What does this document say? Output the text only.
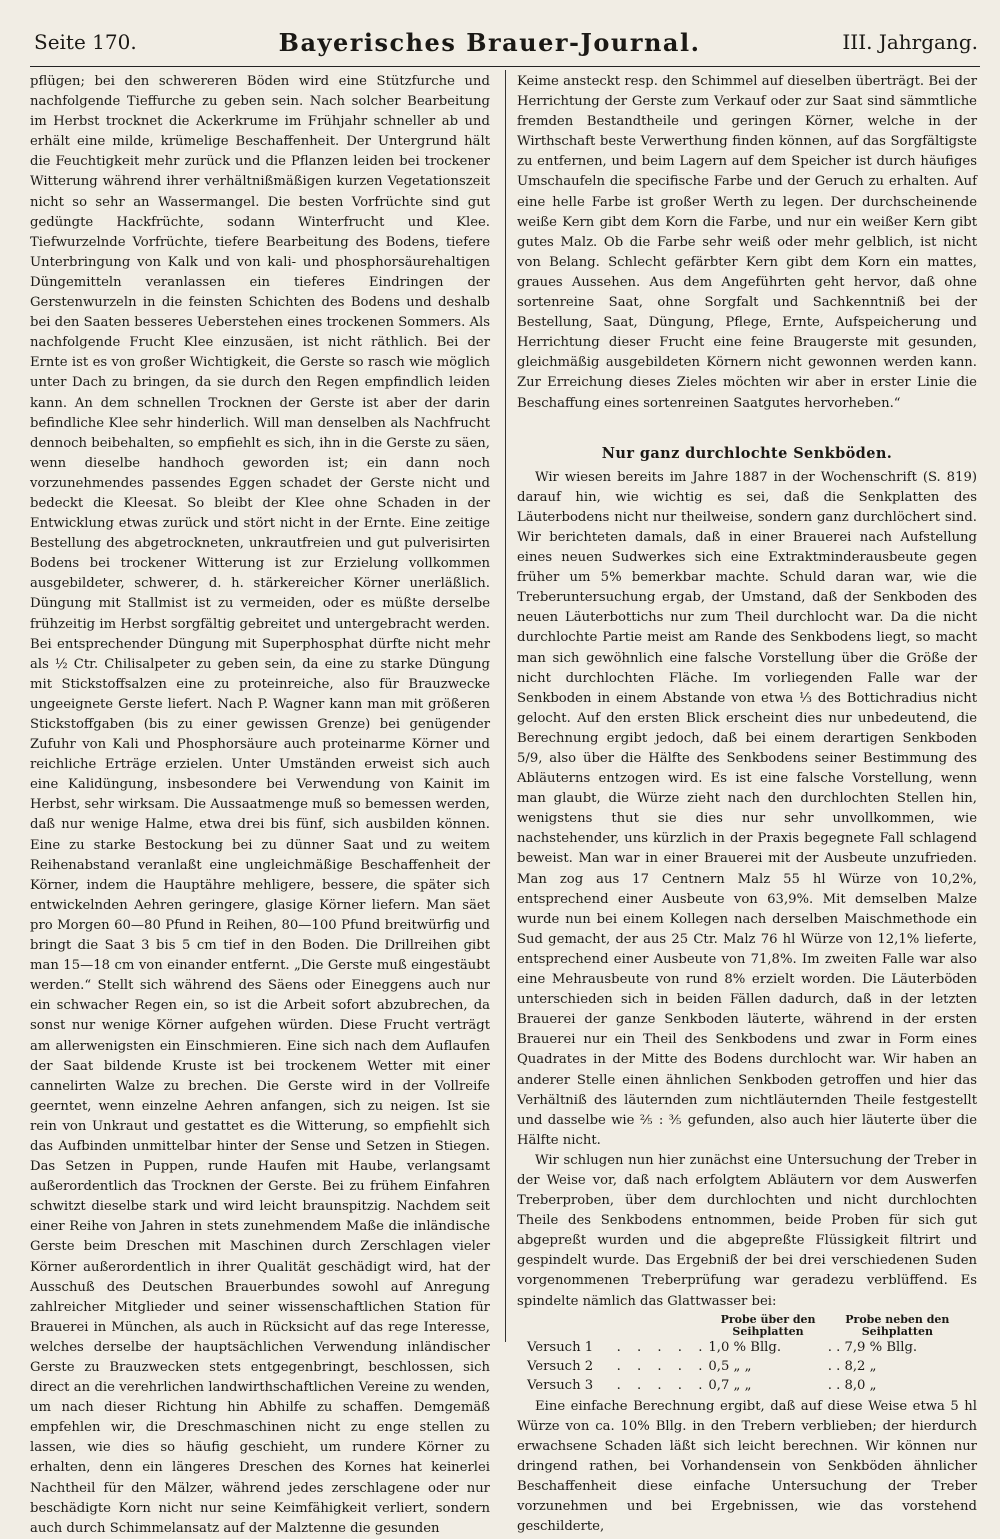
Seite 170.	Bayerisches Brauer-Journal.	III. Jahrgang.

pflügen; bei den schwereren Böden wird eine Stützfurche und nachfolgende Tieffurche zu geben sein. Nach solcher Bearbeitung im Herbst trocknet die Ackerkrume im Frühjahr schneller ab und erhält eine milde, krümelige Beschaffenheit. Der Untergrund hält die Feuchtigkeit mehr zurück und die Pflanzen leiden bei trockener Witterung während ihrer verhältnißmäßigen kurzen Vegetationszeit nicht so sehr an Wassermangel. Die besten Vorfrüchte sind gut gedüngte Hackfrüchte, sodann Winterfrucht und Klee. Tiefwurzelnde Vorfrüchte, tiefere Bearbeitung des Bodens, tiefere Unterbringung von Kalk und von kali- und phosphorsäurehaltigen Düngemitteln veranlassen ein tieferes Eindringen der Gerstenwurzeln in die feinsten Schichten des Bodens und deshalb bei den Saaten besseres Ueberstehen eines trockenen Sommers. Als nachfolgende Frucht Klee einzusäen, ist nicht räthlich. Bei der Ernte ist es von großer Wichtigkeit, die Gerste so rasch wie möglich unter Dach zu bringen, da sie durch den Regen empfindlich leiden kann. An dem schnellen Trocknen der Gerste ist aber der darin befindliche Klee sehr hinderlich. Will man denselben als Nachfrucht dennoch beibehalten, so empfiehlt es sich, ihn in die Gerste zu säen, wenn dieselbe handhoch geworden ist; ein dann noch vorzunehmendes passendes Eggen schadet der Gerste nicht und bedeckt die Kleesat. So bleibt der Klee ohne Schaden in der Entwicklung etwas zurück und stört nicht in der Ernte. Eine zeitige Bestellung des abgetrockneten, unkrautfreien und gut pulverisirten Bodens bei trockener Witterung ist zur Erzielung vollkommen ausgebildeter, schwerer, d. h. stärkereicher Körner unerläßlich. Düngung mit Stallmist ist zu vermeiden, oder es müßte derselbe frühzeitig im Herbst sorgfältig gebreitet und untergebracht werden. Bei entsprechender Düngung mit Superphosphat dürfte nicht mehr als ½ Ctr. Chilisalpeter zu geben sein, da eine zu starke Düngung mit Stickstoffsalzen eine zu proteinreiche, also für Brauzwecke ungeeignete Gerste liefert. Nach P. Wagner kann man mit größeren Stickstoffgaben (bis zu einer gewissen Grenze) bei genügender Zufuhr von Kali und Phosphorsäure auch proteinarme Körner und reichliche Erträge erzielen. Unter Umständen erweist sich auch eine Kalidüngung, insbesondere bei Verwendung von Kainit im Herbst, sehr wirksam. Die Aussaatmenge muß so bemessen werden, daß nur wenige Halme, etwa drei bis fünf, sich ausbilden können. Eine zu starke Bestockung bei zu dünner Saat und zu weitem Reihenabstand veranlaßt eine ungleichmäßige Beschaffenheit der Körner, indem die Hauptähre mehligere, bessere, die später sich entwickelnden Aehren geringere, glasige Körner liefern. Man säet pro Morgen 60—80 Pfund in Reihen, 80—100 Pfund breitwürfig und bringt die Saat 3 bis 5 cm tief in den Boden. Die Drillreihen gibt man 15—18 cm von einander entfernt. „Die Gerste muß eingestäubt werden.“ Stellt sich während des Säens oder Eineggens auch nur ein schwacher Regen ein, so ist die Arbeit sofort abzubrechen, da sonst nur wenige Körner aufgehen würden. Diese Frucht verträgt am allerwenigsten ein Einschmieren. Eine sich nach dem Auflaufen der Saat bildende Kruste ist bei trockenem Wetter mit einer cannelirten Walze zu brechen. Die Gerste wird in der Vollreife geerntet, wenn einzelne Aehren anfangen, sich zu neigen. Ist sie rein von Unkraut und gestattet es die Witterung, so empfiehlt sich das Aufbinden unmittelbar hinter der Sense und Setzen in Stiegen. Das Setzen in Puppen, runde Haufen mit Haube, verlangsamt außerordentlich das Trocknen der Gerste. Bei zu frühem Einfahren schwitzt dieselbe stark und wird leicht braunspitzig. Nachdem seit einer Reihe von Jahren in stets zunehmendem Maße die inländische Gerste beim Dreschen mit Maschinen durch Zerschlagen vieler Körner außerordentlich in ihrer Qualität geschädigt wird, hat der Ausschuß des Deutschen Brauerbundes sowohl auf Anregung zahlreicher Mitglieder und seiner wissenschaftlichen Station für Brauerei in München, als auch in Rücksicht auf das rege Interesse, welches derselbe der hauptsächlichen Verwendung inländischer Gerste zu Brauzwecken stets entgegenbringt, beschlossen, sich direct an die verehrlichen landwirthschaftlichen Vereine zu wenden, um nach dieser Richtung hin Abhilfe zu schaffen. Demgemäß empfehlen wir, die Dreschmaschinen nicht zu enge stellen zu lassen, wie dies so häufig geschieht, um rundere Körner zu erhalten, denn ein längeres Dreschen des Kornes hat keinerlei Nachtheil für den Mälzer, während jedes zerschlagene oder nur beschädigte Korn nicht nur seine Keimfähigkeit verliert, sondern auch durch Schimmelansatz auf der Malztenne die gesunden

Keime ansteckt resp. den Schimmel auf dieselben überträgt. Bei der Herrichtung der Gerste zum Verkauf oder zur Saat sind sämmtliche fremden Bestandtheile und geringen Körner, welche in der Wirthschaft beste Verwerthung finden können, auf das Sorgfältigste zu entfernen, und beim Lagern auf dem Speicher ist durch häufiges Umschaufeln die specifische Farbe und der Geruch zu erhalten. Auf eine helle Farbe ist großer Werth zu legen. Der durchscheinende weiße Kern gibt dem Korn die Farbe, und nur ein weißer Kern gibt gutes Malz. Ob die Farbe sehr weiß oder mehr gelblich, ist nicht von Belang. Schlecht gefärbter Kern gibt dem Korn ein mattes, graues Aussehen. Aus dem Angeführten geht hervor, daß ohne sortenreine Saat, ohne Sorgfalt und Sachkenntniß bei der Bestellung, Saat, Düngung, Pflege, Ernte, Aufspeicherung und Herrichtung dieser Frucht eine feine Braugerste mit gesunden, gleichmäßig ausgebildeten Körnern nicht gewonnen werden kann. Zur Erreichung dieses Zieles möchten wir aber in erster Linie die Beschaffung eines sortenreinen Saatgutes hervorheben.“

Nur ganz durchlochte Senkböden.

Wir wiesen bereits im Jahre 1887 in der Wochenschrift (S. 819) darauf hin, wie wichtig es sei, daß die Senkplatten des Läuterbodens nicht nur theilweise, sondern ganz durchlöchert sind. Wir berichteten damals, daß in einer Brauerei nach Aufstellung eines neuen Sudwerkes sich eine Extraktminderausbeute gegen früher um 5% bemerkbar machte. Schuld daran war, wie die Treberuntersuchung ergab, der Umstand, daß der Senkboden des neuen Läuterbottichs nur zum Theil durchlocht war. Da die nicht durchlochte Partie meist am Rande des Senkbodens liegt, so macht man sich gewöhnlich eine falsche Vorstellung über die Größe der nicht durchlochten Fläche. Im vorliegenden Falle war der Senkboden in einem Abstande von etwa ⅓ des Bottichradius nicht gelocht. Auf den ersten Blick erscheint dies nur unbedeutend, die Berechnung ergibt jedoch, daß bei einem derartigen Senkboden 5/9, also über die Hälfte des Senkbodens seiner Bestimmung des Abläuterns entzogen wird. Es ist eine falsche Vorstellung, wenn man glaubt, die Würze zieht nach den durchlochten Stellen hin, wenigstens thut sie dies nur sehr unvollkommen, wie nachstehender, uns kürzlich in der Praxis begegnete Fall schlagend beweist. Man war in einer Brauerei mit der Ausbeute unzufrieden. Man zog aus 17 Centnern Malz 55 hl Würze von 10,2%, entsprechend einer Ausbeute von 63,9%. Mit demselben Malze wurde nun bei einem Kollegen nach derselben Maischmethode ein Sud gemacht, der aus 25 Ctr. Malz 76 hl Würze von 12,1% lieferte, entsprechend einer Ausbeute von 71,8%. Im zweiten Falle war also eine Mehrausbeute von rund 8% erzielt worden. Die Läuterböden unterschieden sich in beiden Fällen dadurch, daß in der letzten Brauerei der ganze Senkboden läuterte, während in der ersten Brauerei nur ein Theil des Senkbodens und zwar in Form eines Quadrates in der Mitte des Bodens durchlocht war. Wir haben an anderer Stelle einen ähnlichen Senkboden getroffen und hier das Verhältniß des läuternden zum nichtläuternden Theile festgestellt und dasselbe wie ⅖ : ⅗ gefunden, also auch hier läuterte über die Hälfte nicht.

Wir schlugen nun hier zunächst eine Untersuchung der Treber in der Weise vor, daß nach erfolgtem Abläutern vor dem Auswerfen Treberproben, über dem durchlochten und nicht durchlochten Theile des Senkbodens entnommen, beide Proben für sich gut abgepreßt wurden und die abgepreßte Flüssigkeit filtrirt und gespindelt wurde. Das Ergebniß der bei drei verschiedenen Suden vorgenommenen Treberprüfung war geradezu verblüffend. Es spindelte nämlich das Glattwasser bei:

		Probe über den Seihplatten	Probe neben den Seihplatten
Versuch 1	. . . . .	1,0 % Bllg.	. . 7,9 % Bllg.
Versuch 2	. . . . .	0,5 „ „	. . 8,2 „
Versuch 3	. . . . .	0,7 „ „	. . 8,0 „

Eine einfache Berechnung ergibt, daß auf diese Weise etwa 5 hl Würze von ca. 10% Bllg. in den Trebern verblieben; der hierdurch erwachsene Schaden läßt sich leicht berechnen. Wir können nur dringend rathen, bei Vorhandensein von Senkböden ähnlicher Beschaffenheit diese einfache Untersuchung der Treber vorzunehmen und bei Ergebnissen, wie das vorstehend geschilderte,
